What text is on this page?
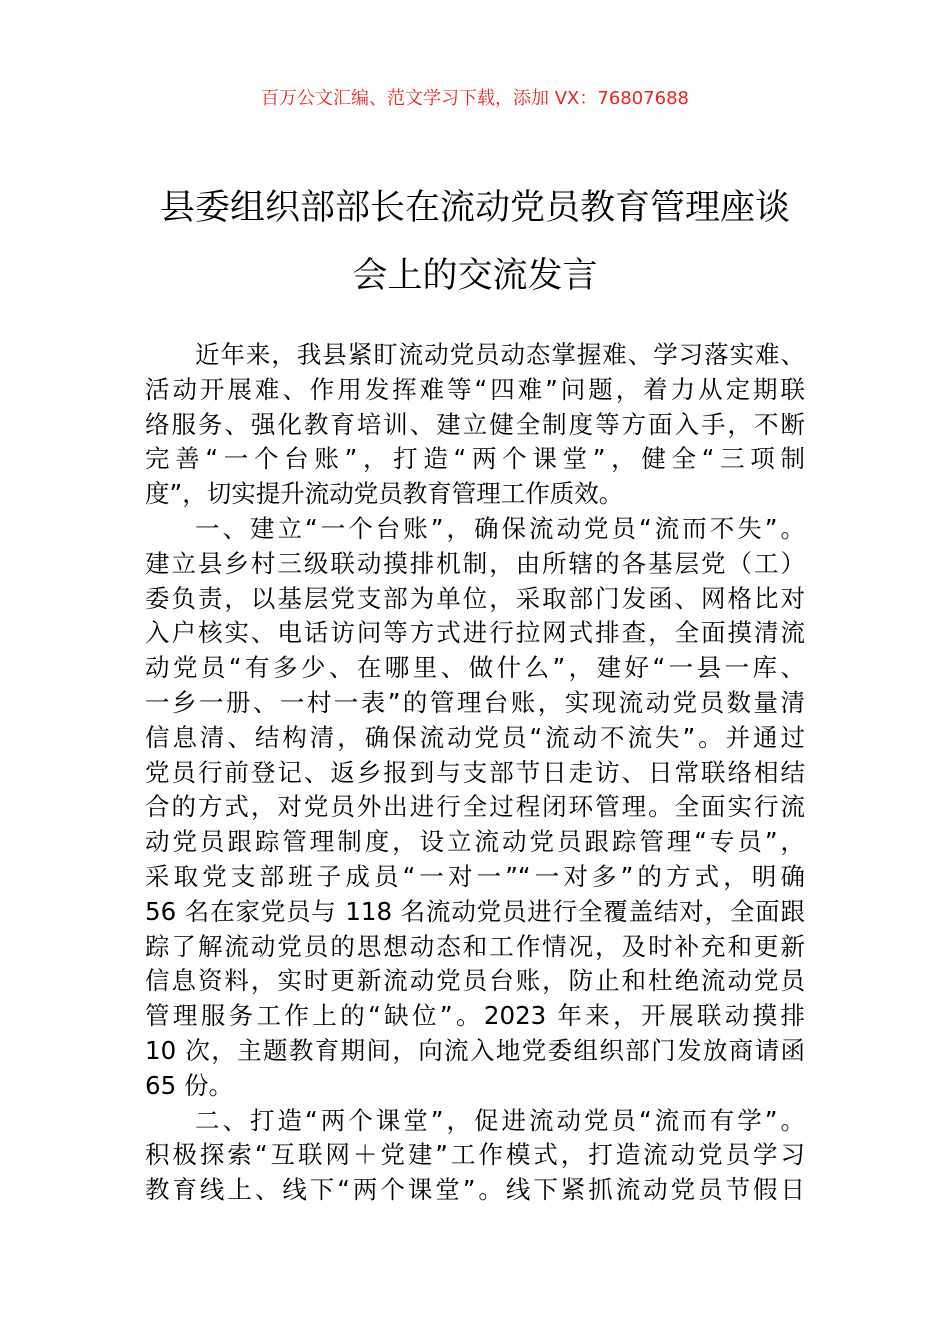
百万公文汇编、范文学习下载，添加 VX：76807688
县委组织部部长在流动党员教育管理座谈
会上的交流发言
近年来，我县紧盯流动党员动态掌握难、学习落实难、
活动开展难、作用发挥难等“四难”问题，着力从定期联
络服务、强化教育培训、建立健全制度等方面入手，不断
完善“一个台账”，打造“两个课堂”，健全“三项制
度”，切实提升流动党员教育管理工作质效。
一、建立“一个台账”，确保流动党员“流而不失”。
建立县乡村三级联动摸排机制，由所辖的各基层党（工）
委负责，以基层党支部为单位，采取部门发函、网格比对
入户核实、电话访问等方式进行拉网式排查，全面摸清流
动党员“有多少、在哪里、做什么”，建好“一县一库、
一乡一册、一村一表”的管理台账，实现流动党员数量清
信息清、结构清，确保流动党员“流动不流失”。并通过
党员行前登记、返乡报到与支部节日走访、日常联络相结
合的方式，对党员外出进行全过程闭环管理。全面实行流
动党员跟踪管理制度，设立流动党员跟踪管理“专员”，
采取党支部班子成员“一对一”“一对多”的方式，明确
56 名在家党员与 118 名流动党员进行全覆盖结对，全面跟
踪了解流动党员的思想动态和工作情况，及时补充和更新
信息资料，实时更新流动党员台账，防止和杜绝流动党员
管理服务工作上的“缺位”。2023 年来，开展联动摸排
10 次，主题教育期间，向流入地党委组织部门发放商请函
65 份。
二、打造“两个课堂”，促进流动党员“流而有学”。
积极探索“互联网＋党建”工作模式，打造流动党员学习
教育线上、线下“两个课堂”。线下紧抓流动党员节假日
